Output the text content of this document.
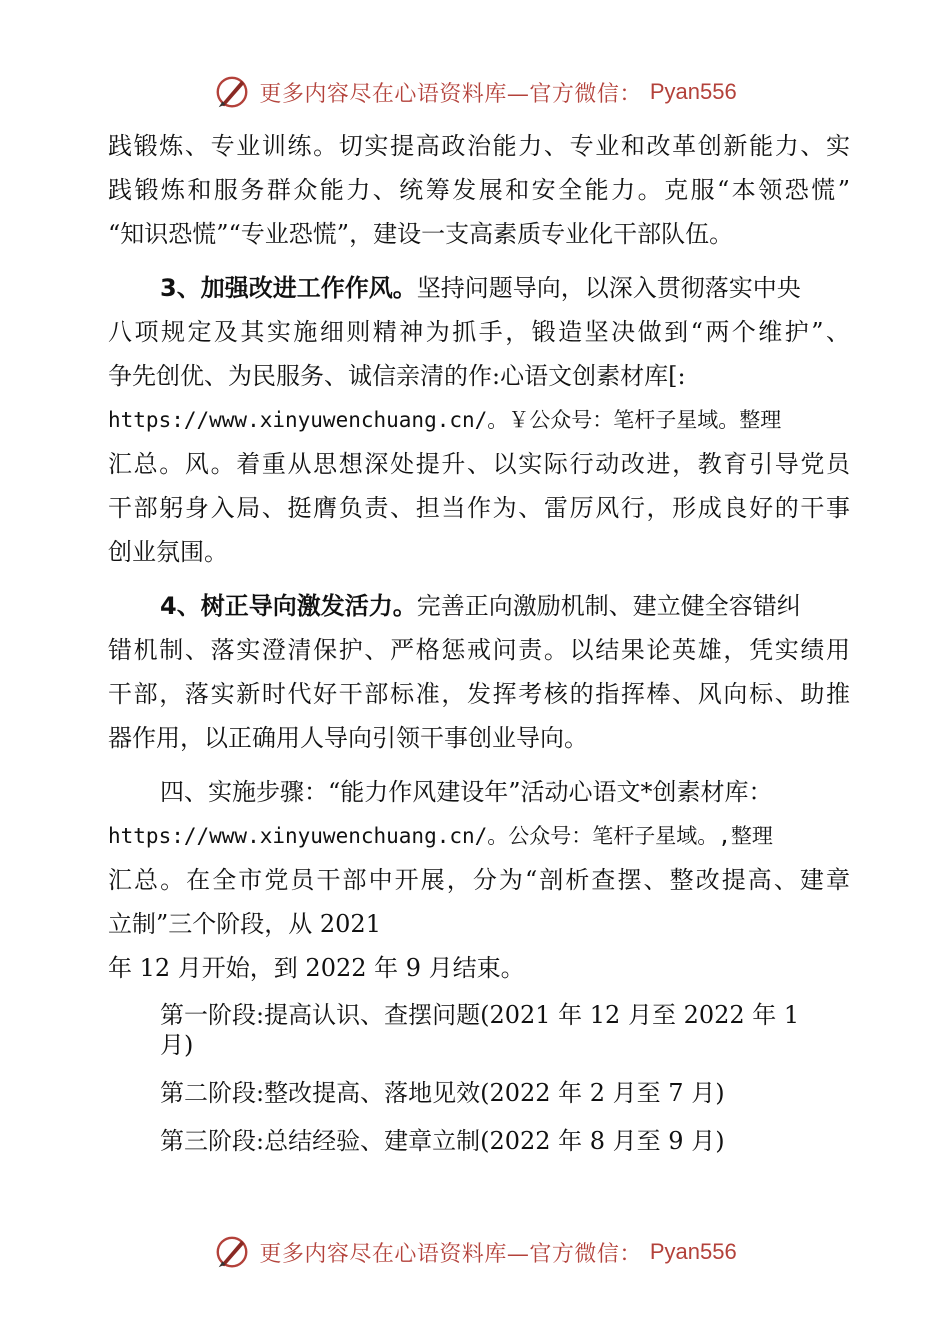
更多内容尽在心语资料库—官方微信： Pyan556
践锻炼、专业训练。切实提高政治能力、专业和改革创新能力、实
践锻炼和服务群众能力、统筹发展和安全能力。克服“本领恐慌”
“知识恐慌”“专业恐慌”，建设一支高素质专业化干部队伍。
3、加强改进工作作风。坚持问题导向，以深入贯彻落实中央
八项规定及其实施细则精神为抓手，锻造坚决做到“两个维护”、
争先创优、为民服务、诚信亲清的作:心语文创素材库[:
https://www.xinyuwenchuang.cn/。￥公众号：笔杆子星域。整理
汇总。风。着重从思想深处提升、以实际行动改进，教育引导党员
干部躬身入局、挺膺负责、担当作为、雷厉风行，形成良好的干事
创业氛围。
4、树正导向激发活力。完善正向激励机制、建立健全容错纠
错机制、落实澄清保护、严格惩戒问责。以结果论英雄，凭实绩用
干部，落实新时代好干部标准，发挥考核的指挥棒、风向标、助推
器作用，以正确用人导向引领干事创业导向。
四、实施步骤：“能力作风建设年”活动心语文*创素材库：
https://www.xinyuwenchuang.cn/。公众号：笔杆子星域。,整理
汇总。在全市党员干部中开展，分为“剖析查摆、整改提高、建章
立制”三个阶段，从 2021
年 12 月开始，到 2022 年 9 月结束。
第一阶段:提高认识、查摆问题(2021 年 12 月至 2022 年 1 月)
第二阶段:整改提高、落地见效(2022 年 2 月至 7 月)
第三阶段:总结经验、建章立制(2022 年 8 月至 9 月)
更多内容尽在心语资料库—官方微信： Pyan556
